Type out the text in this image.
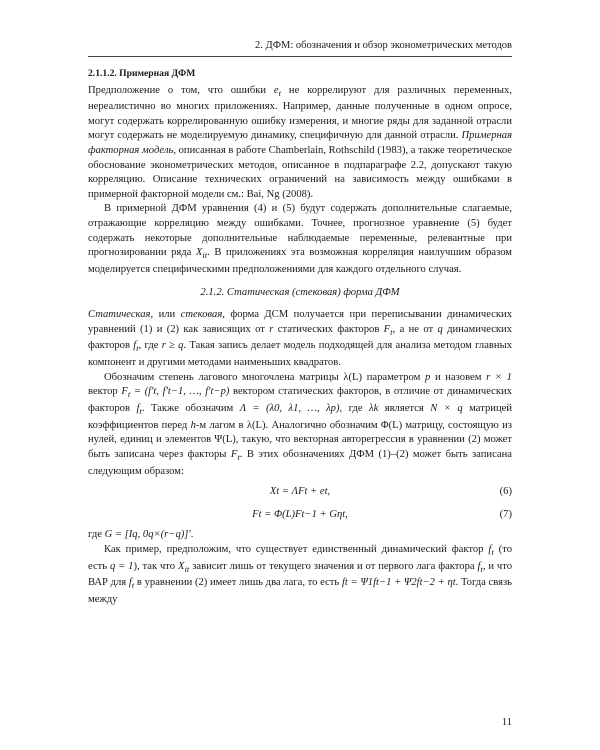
2. ДФМ: обозначения и обзор эконометрических методов
2.1.1.2. Примерная ДФМ

Предположение о том, что ошибки $e_t$ не коррелируют для различных переменных, нереалистично во многих приложениях. Например, данные полученные в одном опросе, могут содержать коррелированную ошибку измерения, и многие ряды для заданной отрасли могут содержать не моделируемую динамику, специфичную для данной отрасли. Примерная факторная модель, описанная в работе Chamberlain, Rothschild (1983), а также теоретическое обоснование эконометрических методов, описанное в подпараграфе 2.2, допускают такую корреляцию. Описание технических ограничений на зависимость между ошибками в примерной факторной модели см.: Bai, Ng (2008).

В примерной ДФМ уравнения (4) и (5) будут содержать дополнительные слагаемые, отражающие корреляцию между ошибками. Точнее, прогнозное уравнение (5) будет содержать некоторые дополнительные наблюдаемые переменные, релевантные при прогнозировании ряда $X_{it}$. В приложениях эта возможная корреляция наилучшим образом моделируется специфическими предположениями для каждого отдельного случая.

2.1.2. Статическая (стековая) форма ДФМ

Статическая, или стековая, форма ДСМ получается при переписывании динамических уравнений (1) и (2) как зависящих от r статических факторов $F_t$, а не от q динамических факторов $f_t$, где r ≥ q. Такая запись делает модель подходящей для анализа методом главных компонент и другими методами наименьших квадратов.

Обозначим степень лагового многочлена матрицы λ(L) параметром p и назовем r × 1 вектор $F_t = (f't$, f′t−1, …, f′t−p) вектором статических факторов, в отличие от динамических факторов $f_t$. Также обозначим Λ = (λ0, λ1, …, λp), где λk является N × q матрицей коэффициентов перед h-м лагом в λ(L). Аналогично обозначим Φ(L) матрицу, состоящую из нулей, единиц и элементов Ψ(L), такую, что векторная авторегрессия в уравнении (2) может быть записана через факторы $F_t$. В этих обозначениях ДФМ (1)–(2) может быть записана следующим образом:

Xt = ΛFt + et,	(6)
Ft = Φ(L)Ft−1 + Gηt,	(7)

где G = [Iq, 0q×(r−q)]′.

Как пример, предположим, что существует единственный динамический фактор $f_t$ (то есть q = 1), так что $X_{it}$ зависит лишь от текущего значения и от первого лага фактора $f_t$, и что ВАР для $f_t$ в уравнении (2) имеет лишь два лага, то есть ft = Ψ1ft−1 + Ψ2ft−2 + ηt. Тогда связь между

11
